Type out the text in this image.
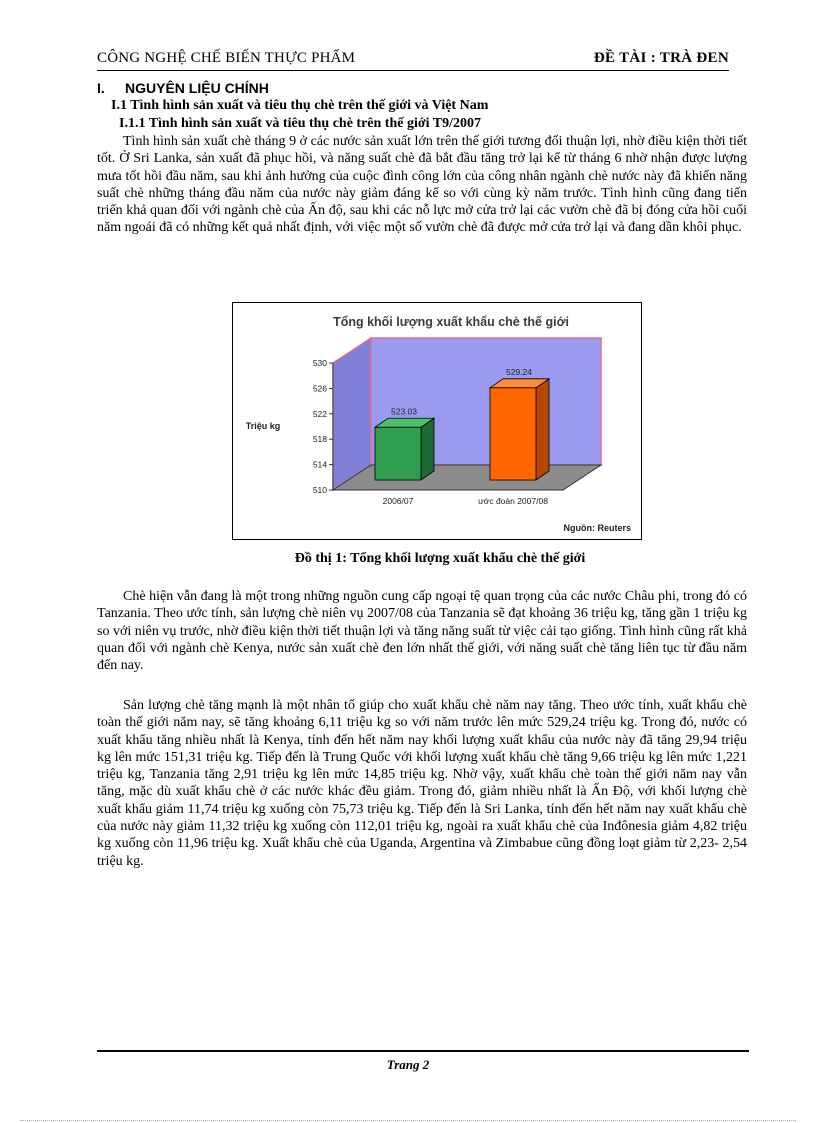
CÔNG NGHỆ CHẾ BIẾN THỰC PHẨM	ĐỀ TÀI : TRÀ ĐEN
I. NGUYÊN LIỆU CHÍNH
I.1 Tình hình sản xuất và tiêu thụ chè trên thế giới và Việt Nam
I.1.1 Tình hình sản xuất và tiêu thụ chè trên thế giới T9/2007

Tình hình sản xuất chè tháng 9 ở các nước sản xuất lớn trên thế giới tương đối thuận lợi, nhờ điều kiện thời tiết tốt. Ở Sri Lanka, sản xuất đã phục hồi, và năng suất chè đã bắt đầu tăng trở lại kể từ tháng 6 nhờ nhận được lượng mưa tốt hồi đầu năm, sau khi ảnh hưởng của cuộc đình công lớn của công nhân ngành chè nước này đã khiến năng suất chè những tháng đầu năm của nước này giảm đáng kể so với cùng kỳ năm trước. Tình hình cũng đang tiến triển khả quan đối với ngành chè của Ấn độ, sau khi các nỗ lực mở cửa trở lại các vườn chè đã bị đóng cửa hồi cuối năm ngoái đã có những kết quả nhất định, với việc một số vườn chè đã được mở cửa trở lại và đang dần khôi phục.

Tổng khối lượng xuất khẩu chè thế giới
Triệu kg
Nguồn: Reuters
510
514
518
522
526
530
523.03
2006/07
529.24
ước đoán 2007/08
Đồ thị 1: Tổng khối lượng xuất khẩu chè thế giới

Chè hiện vẫn đang là một trong những nguồn cung cấp ngoại tệ quan trọng của các nước Châu phi, trong đó có Tanzania. Theo ước tính, sản lượng chè niên vụ 2007/08 của Tanzania sẽ đạt khoảng 36 triệu kg, tăng gần 1 triệu kg so với niên vụ trước, nhờ điều kiện thời tiết thuận lợi và tăng năng suất từ việc cải tạo giống. Tình hình cũng rất khả quan đối với ngành chè Kenya, nước sản xuất chè đen lớn nhất thế giới, với năng suất chè tăng liên tục từ đầu năm đến nay.

Sản lượng chè tăng mạnh là một nhân tố giúp cho xuất khẩu chè năm nay tăng. Theo ước tính, xuất khẩu chè toàn thế giới năm nay, sẽ tăng khoảng 6,11 triệu kg so với năm trước lên mức 529,24 triệu kg. Trong đó, nước có xuất khẩu tăng nhiều nhất là Kenya, tính đến hết năm nay khối lượng xuất khẩu của nước này đã tăng 29,94 triệu kg lên mức 151,31 triệu kg. Tiếp đến là Trung Quốc với khối lượng xuất khẩu chè tăng 9,66 triệu kg lên mức 1,221 triệu kg, Tanzania tăng 2,91 triệu kg lên mức 14,85 triệu kg. Nhờ vậy, xuất khẩu chè toàn thế giới năm nay vẫn tăng, mặc dù xuất khẩu chè ở các nước khác đều giảm. Trong đó, giảm nhiều nhất là Ấn Độ, với khối lượng chè xuất khẩu giảm 11,74 triệu kg xuống còn 75,73 triệu kg. Tiếp đến là Sri Lanka, tính đến hết năm nay xuất khẩu chè của nước này giảm 11,32 triệu kg xuống còn 112,01 triệu kg, ngoài ra xuất khẩu chè của Inđônesia giảm 4,82 triệu kg xuống còn 11,96 triệu kg. Xuất khẩu chè của Uganda, Argentina và Zimbabue cũng đồng loạt giảm từ 2,23- 2,54 triệu kg.

Trang 2
